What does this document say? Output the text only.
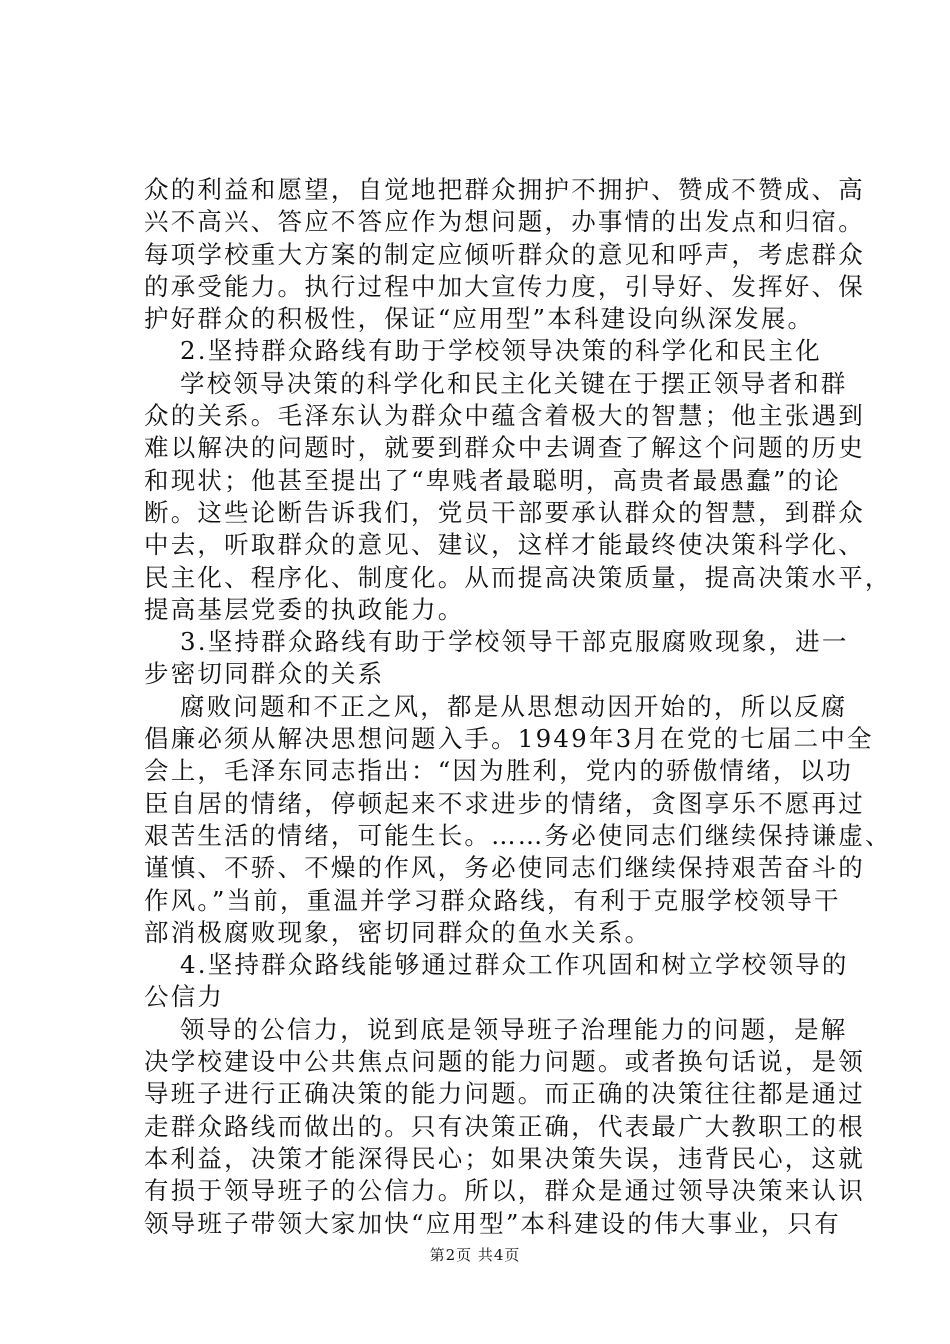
众的利益和愿望，自觉地把群众拥护不拥护、赞成不赞成、高
兴不高兴、答应不答应作为想问题，办事情的出发点和归宿。
每项学校重大方案的制定应倾听群众的意见和呼声，考虑群众
的承受能力。执行过程中加大宣传力度，引导好、发挥好、保
护好群众的积极性，保证“应用型”本科建设向纵深发展。
2.坚持群众路线有助于学校领导决策的科学化和民主化
学校领导决策的科学化和民主化关键在于摆正领导者和群
众的关系。毛泽东认为群众中蕴含着极大的智慧；他主张遇到
难以解决的问题时，就要到群众中去调查了解这个问题的历史
和现状；他甚至提出了“卑贱者最聪明，高贵者最愚蠢”的论
断。这些论断告诉我们，党员干部要承认群众的智慧，到群众
中去，听取群众的意见、建议，这样才能最终使决策科学化、
民主化、程序化、制度化。从而提高决策质量，提高决策水平，
提高基层党委的执政能力。
3.坚持群众路线有助于学校领导干部克服腐败现象，进一
步密切同群众的关系
腐败问题和不正之风，都是从思想动因开始的，所以反腐
倡廉必须从解决思想问题入手。1949年3月在党的七届二中全
会上，毛泽东同志指出：“因为胜利，党内的骄傲情绪，以功
臣自居的情绪，停顿起来不求进步的情绪，贪图享乐不愿再过
艰苦生活的情绪，可能生长。……务必使同志们继续保持谦虚、
谨慎、不骄、不燥的作风，务必使同志们继续保持艰苦奋斗的
作风。”当前，重温并学习群众路线，有利于克服学校领导干
部消极腐败现象，密切同群众的鱼水关系。
4.坚持群众路线能够通过群众工作巩固和树立学校领导的
公信力
领导的公信力，说到底是领导班子治理能力的问题，是解
决学校建设中公共焦点问题的能力问题。或者换句话说，是领
导班子进行正确决策的能力问题。而正确的决策往往都是通过
走群众路线而做出的。只有决策正确，代表最广大教职工的根
本利益，决策才能深得民心；如果决策失误，违背民心，这就
有损于领导班子的公信力。所以，群众是通过领导决策来认识
领导班子带领大家加快“应用型”本科建设的伟大事业，只有
第2页 共4页
